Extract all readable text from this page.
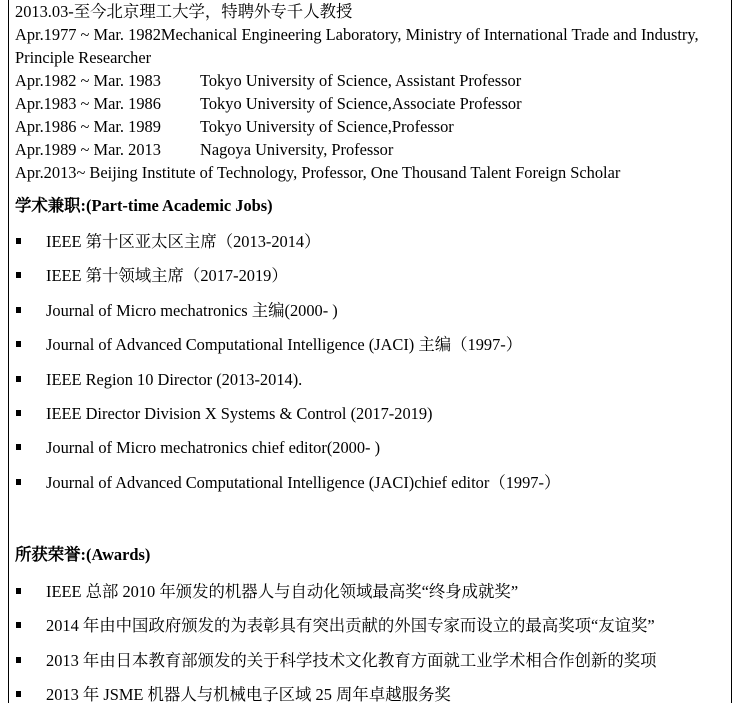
2013.03-至今北京理工大学，特聘外专千人教授
Apr.1977 ~ Mar. 1982Mechanical Engineering Laboratory, Ministry of International Trade and Industry, Principle Researcher
Apr.1982 ~ Mar. 1983	Tokyo University of Science, Assistant Professor
Apr.1983 ~ Mar. 1986	Tokyo University of Science,Associate Professor
Apr.1986 ~ Mar. 1989	Tokyo University of Science,Professor
Apr.1989 ~ Mar. 2013	Nagoya University, Professor
Apr.2013~ Beijing Institute of Technology, Professor, One Thousand Talent Foreign Scholar
学术兼职:(Part-time Academic Jobs)
IEEE 第十区亚太区主席（2013-2014）
IEEE 第十领域主席（2017-2019）
Journal of Micro mechatronics 主编(2000- )
Journal of Advanced Computational Intelligence (JACI) 主编（1997-）
IEEE Region 10 Director (2013-2014).
IEEE Director Division X Systems & Control (2017-2019)
Journal of Micro mechatronics chief editor(2000- )
Journal of Advanced Computational Intelligence (JACI)chief editor（1997-）
所获荣誉:(Awards)
IEEE 总部 2010 年颁发的机器人与自动化领域最高奖“终身成就奖”
2014 年由中国政府颁发的为表彰具有突出贡献的外国专家而设立的最高奖项“友谊奖”
2013 年由日本教育部颁发的关于科学技术文化教育方面就工业学术相合作创新的奖项
2013 年 JSME 机器人与机械电子区域 25 周年卓越服务奖
